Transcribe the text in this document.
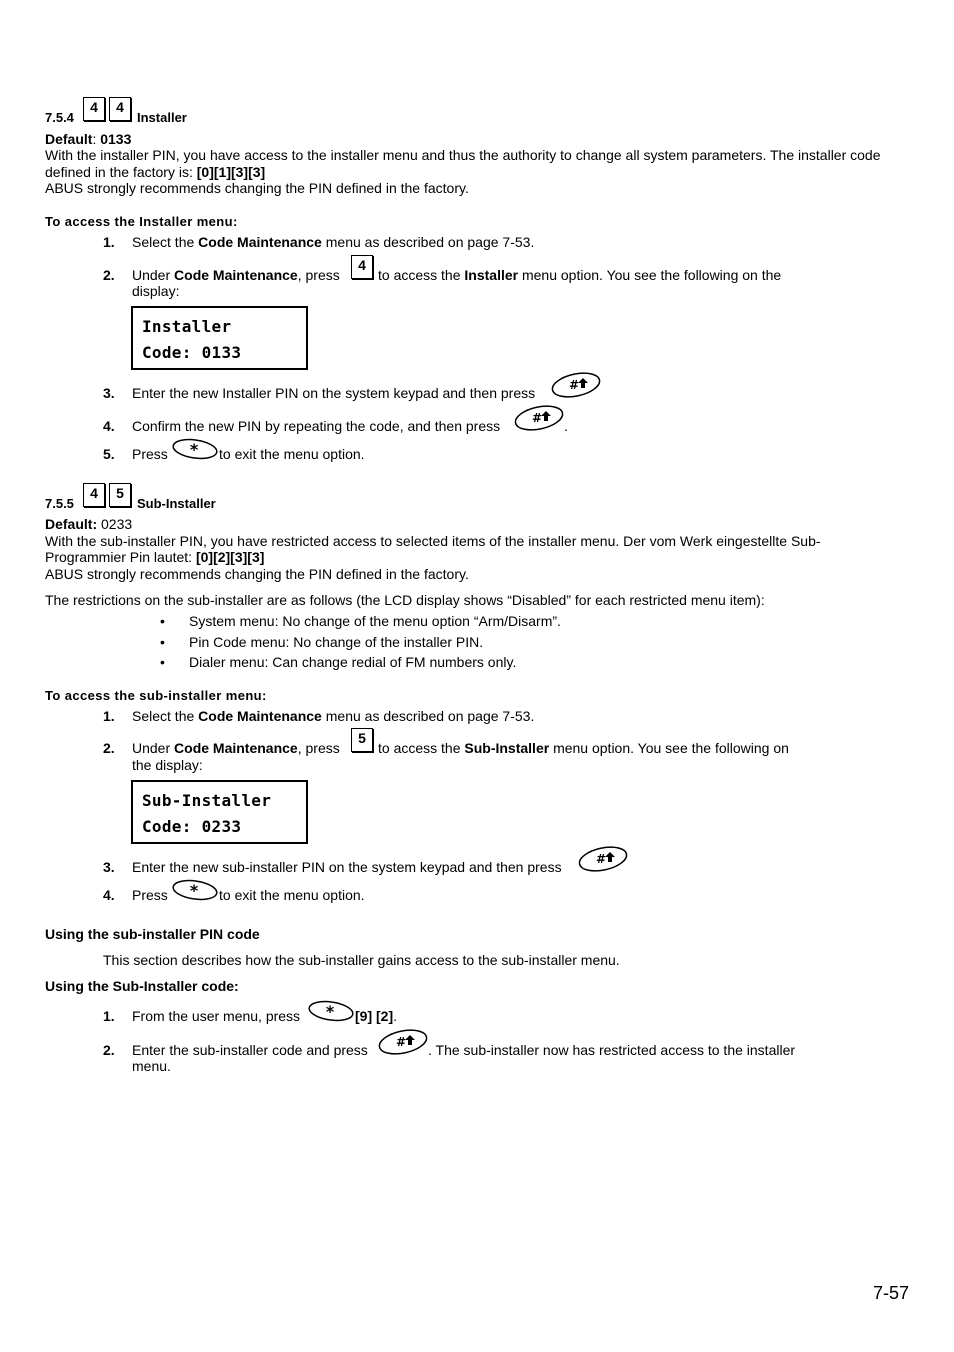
7.5.4
4	4
Installer
Default: 0133
With the installer PIN, you have access to the installer menu and thus the authority to change all system parameters. The installer code
defined in the factory is: [0][1][3][3]
ABUS strongly recommends changing the PIN defined in the factory.
To access the Installer menu:
1. Select the Code Maintenance menu as described on page 7-53.
2. Under Code Maintenance, press
4
to access the Installer menu option. You see the following on the
display:
Installer
Code: 0133
3. Enter the new Installer PIN on the system keypad and then press
4. Confirm the new PIN by repeating the code, and then press	.
5. Press	to exit the menu option.
7.5.5
4	5
Sub-Installer
Default: 0233
With the sub-installer PIN, you have restricted access to selected items of the installer menu. Der vom Werk eingestellte Sub-
Programmier Pin lautet: [0][2][3][3]
ABUS strongly recommends changing the PIN defined in the factory.
The restrictions on the sub-installer are as follows (the LCD display shows “Disabled” for each restricted menu item):
• System menu: No change of the menu option “Arm/Disarm”.
• Pin Code menu: No change of the installer PIN.
• Dialer menu: Can change redial of FM numbers only.
To access the sub-installer menu:
1. Select the Code Maintenance menu as described on page 7-53.
2. Under Code Maintenance, press
5
to access the Sub-Installer menu option. You see the following on
the display:
Sub-Installer
Code: 0233
3. Enter the new sub-installer PIN on the system keypad and then press
4. Press	to exit the menu option.
Using the sub-installer PIN code
This section describes how the sub-installer gains access to the sub-installer menu.
Using the Sub-Installer code:
1. From the user menu, press	[9] [2].
2. Enter the sub-installer code and press	. The sub-installer now has restricted access to the installer
menu.
7-57
